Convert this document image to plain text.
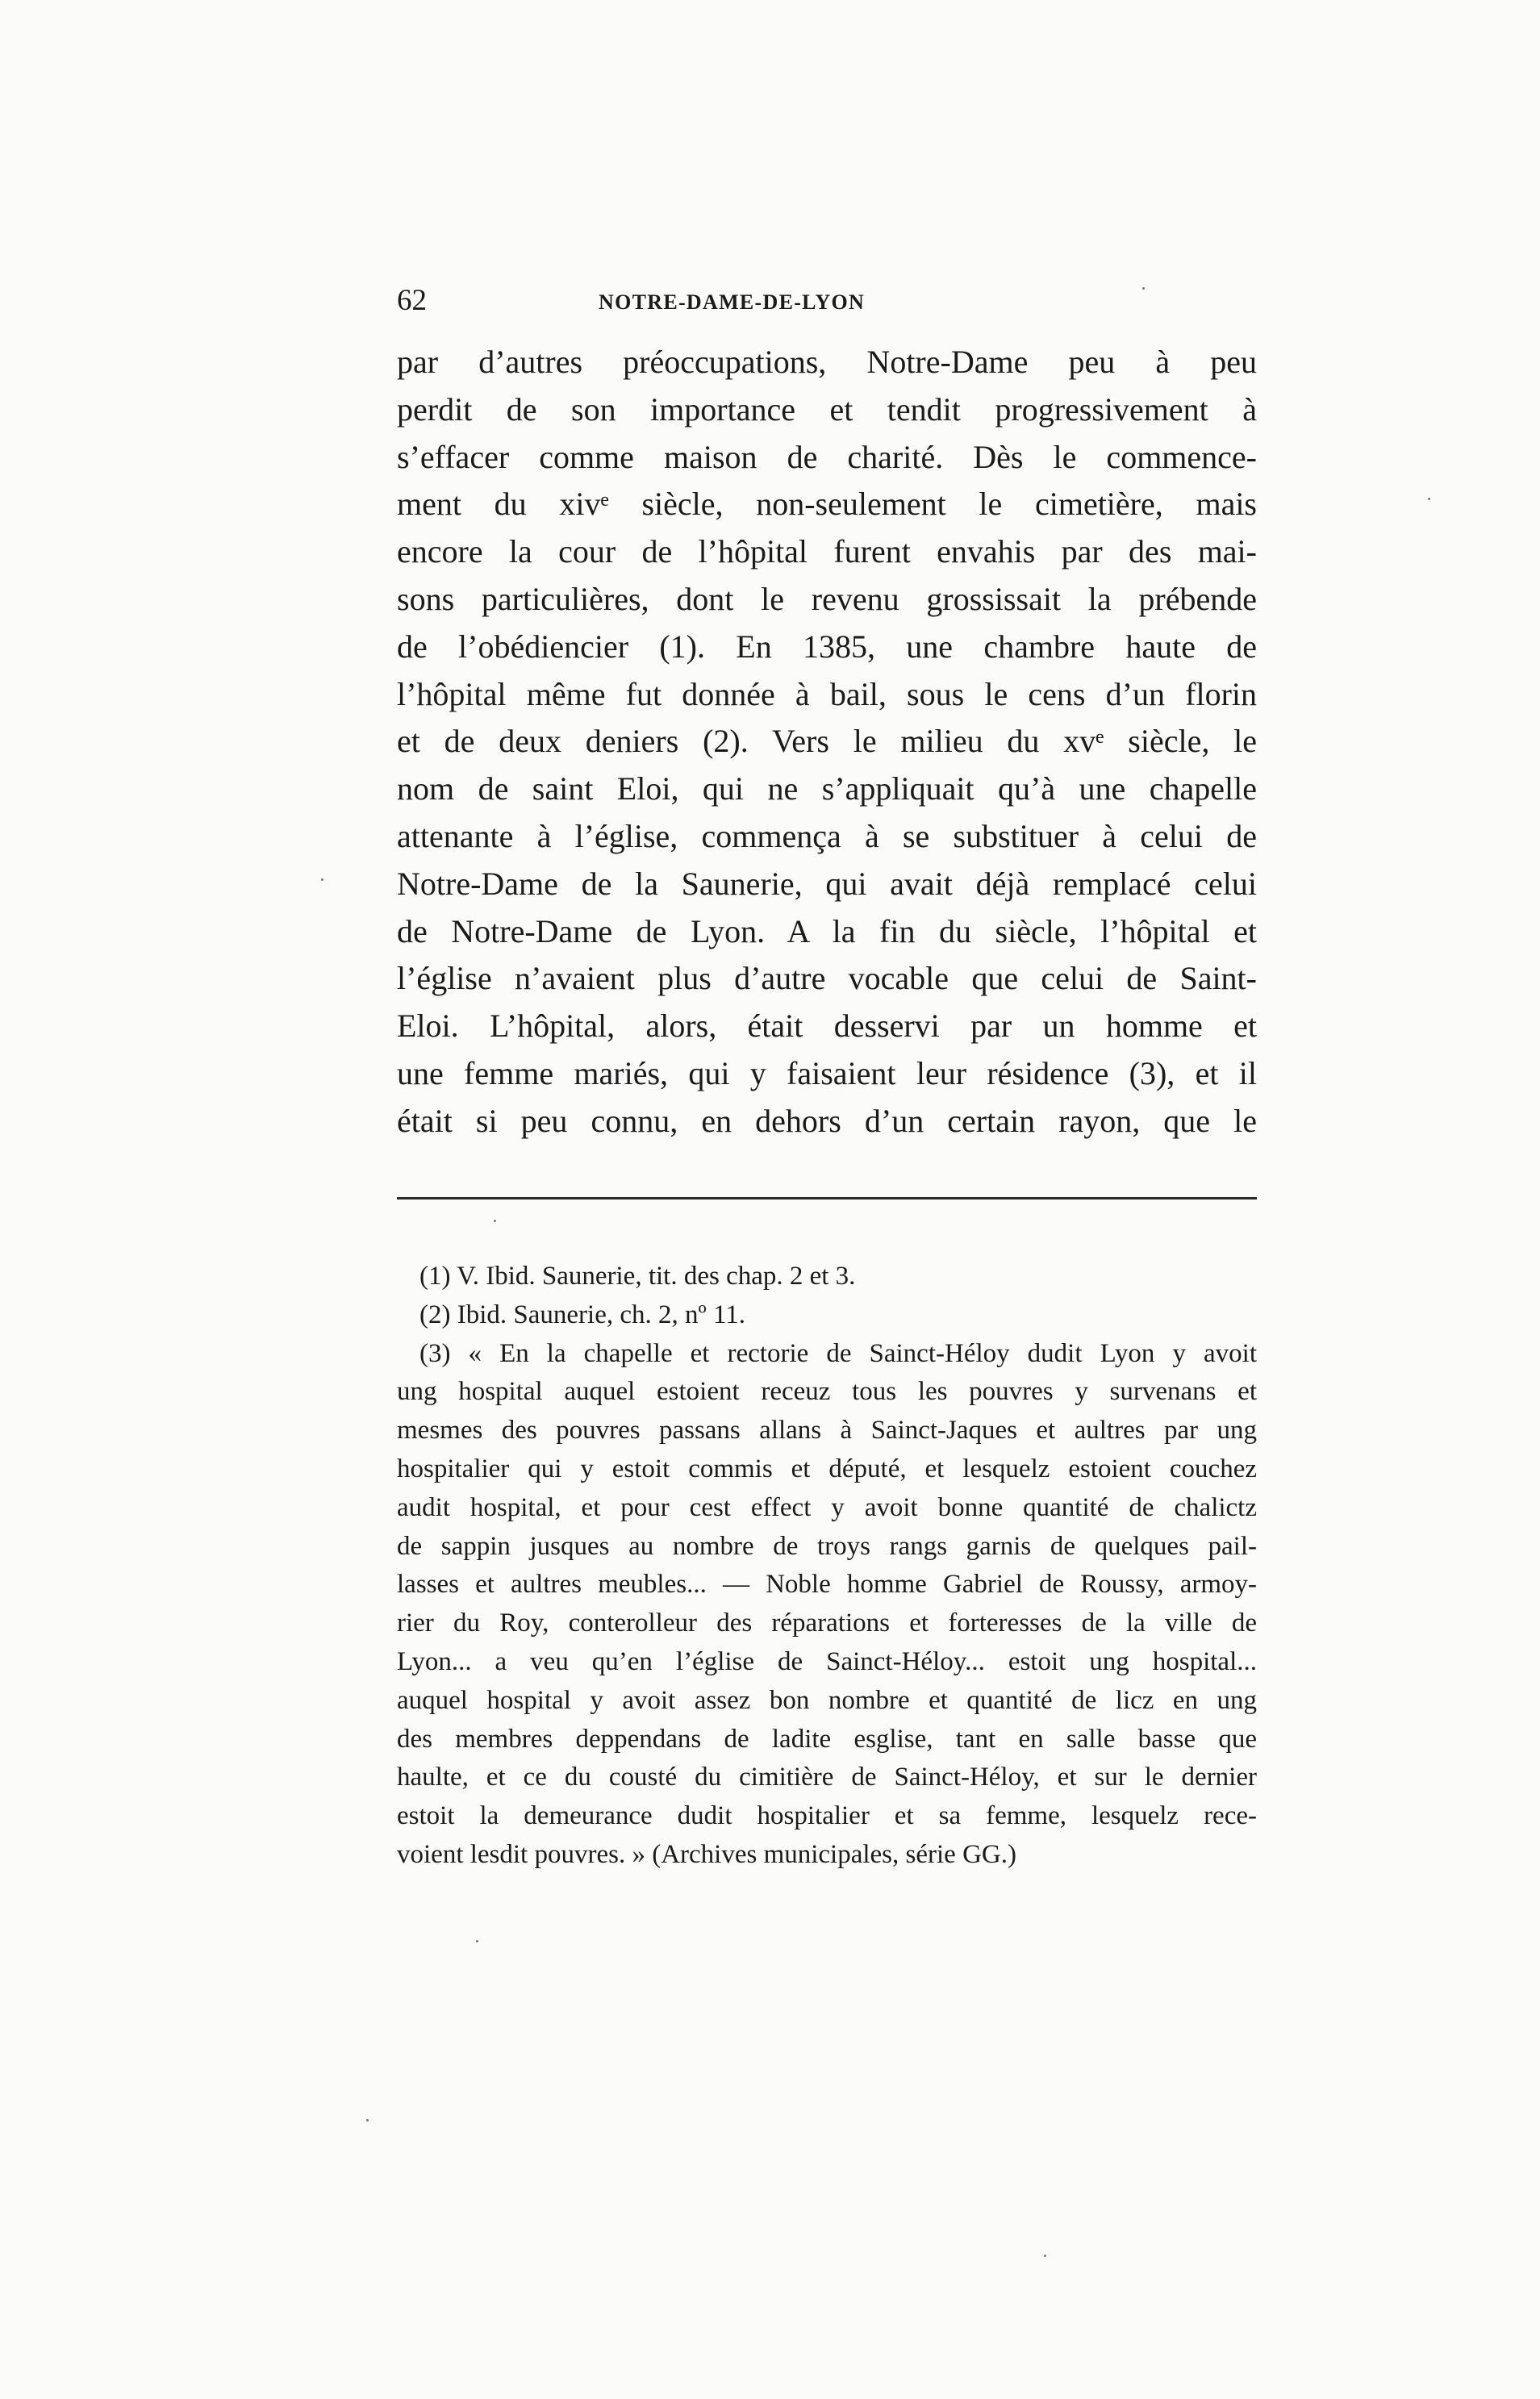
62	NOTRE-DAME-DE-LYON
par d’autres préoccupations, Notre-Dame peu à peu
perdit de son importance et tendit progressivement à
s’effacer comme maison de charité. Dès le commence-
ment du xivᵉ siècle, non-seulement le cimetière, mais
encore la cour de l’hôpital furent envahis par des mai-
sons particulières, dont le revenu grossissait la prébende
de l’obédiencier (1). En 1385, une chambre haute de
l’hôpital même fut donnée à bail, sous le cens d’un florin
et de deux deniers (2). Vers le milieu du xvᵉ siècle, le
nom de saint Eloi, qui ne s’appliquait qu’à une chapelle
attenante à l’église, commença à se substituer à celui de
Notre-Dame de la Saunerie, qui avait déjà remplacé celui
de Notre-Dame de Lyon. A la fin du siècle, l’hôpital et
l’église n’avaient plus d’autre vocable que celui de Saint-
Eloi. L’hôpital, alors, était desservi par un homme et
une femme mariés, qui y faisaient leur résidence (3), et il
était si peu connu, en dehors d’un certain rayon, que le
(1) V. Ibid. Saunerie, tit. des chap. 2 et 3.
(2) Ibid. Saunerie, ch. 2, nº 11.
(3) « En la chapelle et rectorie de Sainct-Héloy dudit Lyon y avoit
ung hospital auquel estoient receuz tous les pouvres y survenans et
mesmes des pouvres passans allans à Sainct-Jaques et aultres par ung
hospitalier qui y estoit commis et député, et lesquelz estoient couchez
audit hospital, et pour cest effect y avoit bonne quantité de chalictz
de sappin jusques au nombre de troys rangs garnis de quelques pail-
lasses et aultres meubles... — Noble homme Gabriel de Roussy, armoy-
rier du Roy, conterolleur des réparations et forteresses de la ville de
Lyon... a veu qu’en l’église de Sainct-Héloy... estoit ung hospital...
auquel hospital y avoit assez bon nombre et quantité de licz en ung
des membres deppendans de ladite esglise, tant en salle basse que
haulte, et ce du cousté du cimitière de Sainct-Héloy, et sur le dernier
estoit la demeurance dudit hospitalier et sa femme, lesquelz rece-
voient lesdit pouvres. » (Archives municipales, série GG.)
